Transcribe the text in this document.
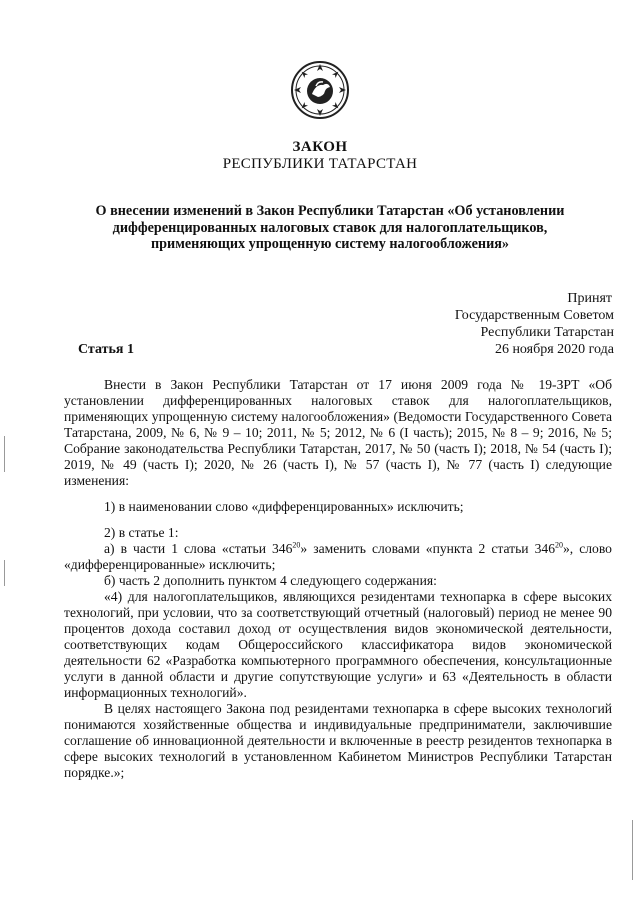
ЗАКОН
РЕСПУБЛИКИ ТАТАРСТАН
О внесении изменений в Закон Республики Татарстан «Об установлении
дифференцированных налоговых ставок для налогоплательщиков,
применяющих упрощенную систему налогообложения»
Принят
Государственным Советом
Республики Татарстан
26 ноября 2020 года
Статья 1

Внести в Закон Республики Татарстан от 17 июня 2009 года № 19-ЗРТ «Об установлении дифференцированных налоговых ставок для налогоплательщиков, применяющих упрощенную систему налогообложения» (Ведомости Государственного Совета Татарстана, 2009, № 6, № 9 – 10; 2011, № 5; 2012, № 6 (I часть); 2015, № 8 – 9; 2016, № 5; Собрание законодательства Республики Татарстан, 2017, № 50 (часть I); 2018, № 54 (часть I); 2019, № 49 (часть I); 2020, № 26 (часть I), № 57 (часть I), № 77 (часть I) следующие изменения:

1) в наименовании слово «дифференцированных» исключить;

2) в статье 1:

а) в части 1 слова «статьи $346^{20}$» заменить словами «пункта 2 статьи $346^{20}$», слово «дифференцированные» исключить;

б) часть 2 дополнить пунктом 4 следующего содержания:

«4) для налогоплательщиков, являющихся резидентами технопарка в сфере высоких технологий, при условии, что за соответствующий отчетный (налоговый) период не менее 90 процентов дохода составил доход от осуществления видов экономической деятельности, соответствующих кодам Общероссийского классификатора видов экономической деятельности 62 «Разработка компьютерного программного обеспечения, консультационные услуги в данной области и другие сопутствующие услуги» и 63 «Деятельность в области информационных технологий».

В целях настоящего Закона под резидентами технопарка в сфере высоких технологий понимаются хозяйственные общества и индивидуальные предприниматели, заключившие соглашение об инновационной деятельности и включенные в реестр резидентов технопарка в сфере высоких технологий в установленном Кабинетом Министров Республики Татарстан порядке.»;
